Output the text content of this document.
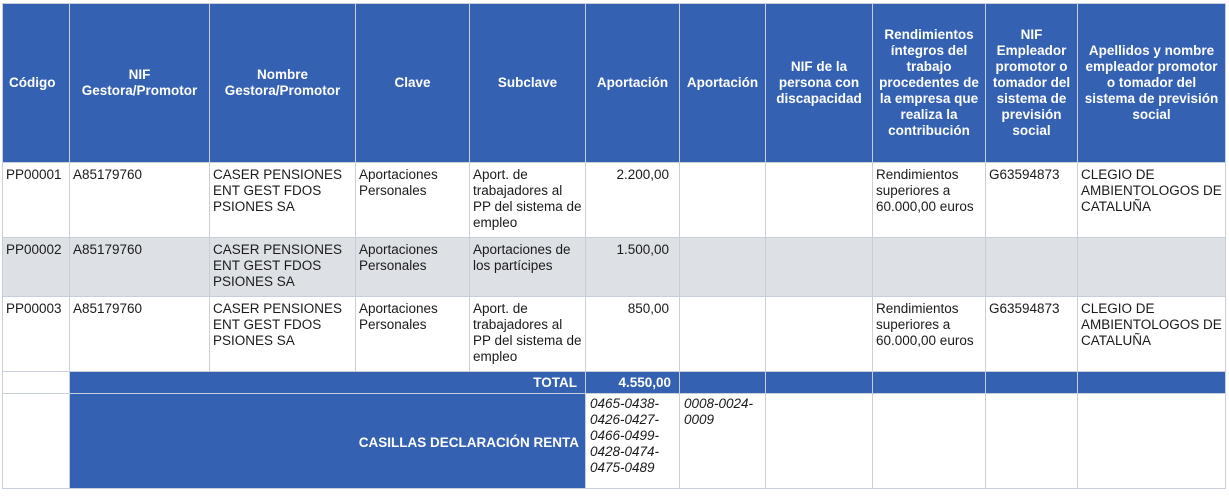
Código	NIF Gestora/Promotor	Nombre Gestora/Promotor	Clave	Subclave	Aportación	Aportación	NIF de la persona con discapacidad	Rendimientos íntegros del trabajo procedentes de la empresa que realiza la contribución	NIF Empleador promotor o tomador del sistema de previsión social	Apellidos y nombre empleador promotor o tomador del sistema de previsión social
PP00001	A85179760	CASER PENSIONES ENT GEST FDOS PSIONES SA	Aportaciones Personales	Aport. de trabajadores al PP del sistema de empleo	2.200,00			Rendimientos superiores a 60.000,00 euros	G63594873	CLEGIO DE AMBIENTOLOGOS DE CATALUÑA
PP00002	A85179760	CASER PENSIONES ENT GEST FDOS PSIONES SA	Aportaciones Personales	Aportaciones de los partícipes	1.500,00					
PP00003	A85179760	CASER PENSIONES ENT GEST FDOS PSIONES SA	Aportaciones Personales	Aport. de trabajadores al PP del sistema de empleo	850,00			Rendimientos superiores a 60.000,00 euros	G63594873	CLEGIO DE AMBIENTOLOGOS DE CATALUÑA
	TOTAL				4.550,00					
	CASILLAS DECLARACIÓN RENTA				0465-0438-0426-0427-0466-0499-0428-0474-0475-0489	0008-0024-0009				
